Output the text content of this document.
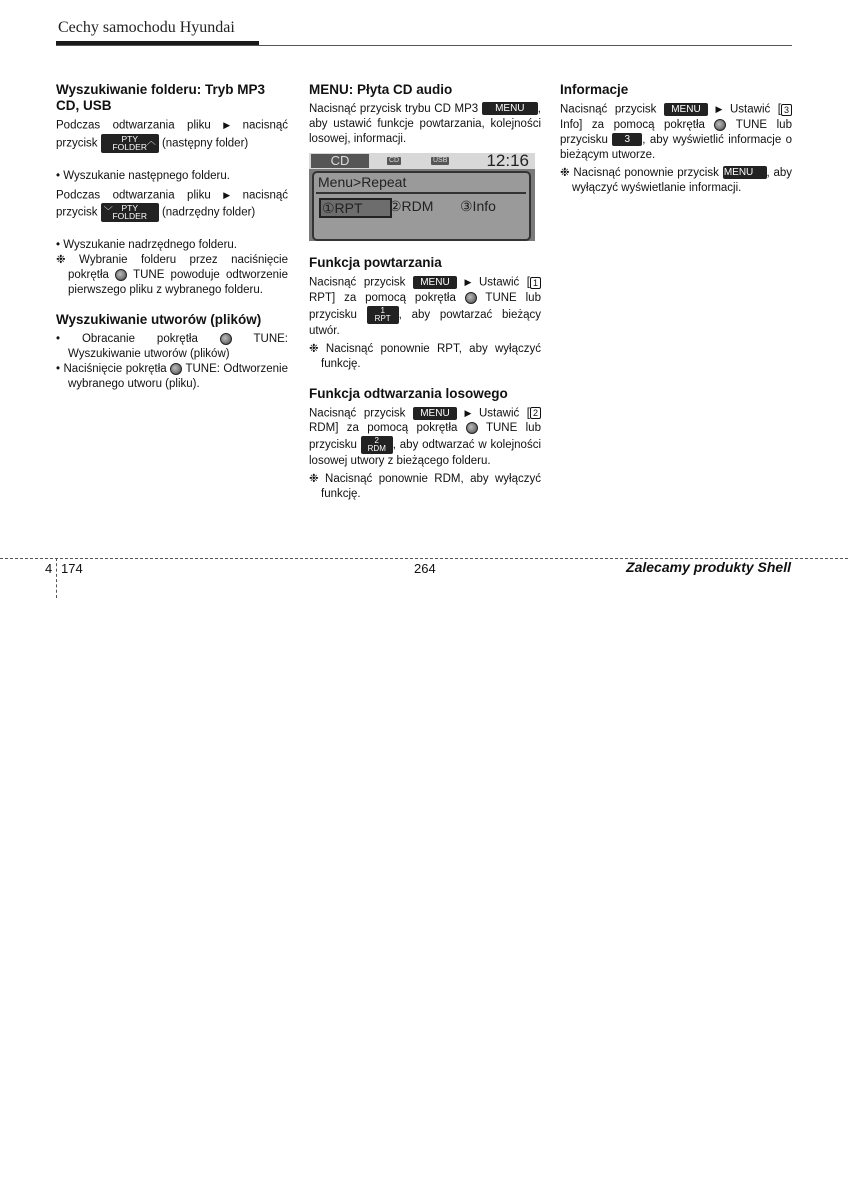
Cechy samochodu Hyundai
Wyszukiwanie folderu: Tryb MP3 CD, USB

Podczas odtwarzania pliku ▶ nacisnąć przycisk	PTY
FOLDER
︿ (następny folder)

• Wyszukanie następnego folderu.

Podczas odtwarzania pliku ▶ nacisnąć przycisk ﹀ PTY
FOLDER (nadrzędny folder)

• Wyszukanie nadrzędnego folderu.

❉ Wybranie folderu przez naciśnięcie pokrętła TUNE powoduje odtworzenie pierwszego pliku z wybranego folderu.

Wyszukiwanie utworów (plików)
• Obracanie pokrętła	TUNE: Wyszukiwanie utworów (plików)
• Naciśnięcie pokrętła TUNE: Odtworzenie wybranego utworu (pliku).
MENU: Płyta CD audio

Nacisnąć przycisk trybu CD MP3 MENU , aby ustawić funkcje powtarzania, kolejności losowej, informacji.

CD	CD	USB 12:16
Menu>Repeat
①RPT	②RDM ③Info
Funkcja powtarzania

Nacisnąć przycisk MENU ▶ Ustawić [ 1RPT] za pomocą pokrętła	TUNE lub przycisku	1
RPT , aby powtarzać bieżący utwór.

❉ Nacisnąć ponownie RPT, aby wyłączyć funkcję.

Funkcja odtwarzania losowego

Nacisnąć przycisk MENU ▶ Ustawić [ 2RDM] za pomocą pokrętła TUNE lub przycisku 2
RDM , aby odtwarzać w kolejności losowej utwory z bieżącego folderu.

❉ Nacisnąć ponownie RDM, aby wyłączyć funkcję.

Informacje

Nacisnąć przycisk MENU ▶ Ustawić [ 3Info] za pomocą pokrętła	TUNE lub przycisku 3 , aby wyświetlić informacje o bieżącym utworze.

❉ Nacisnąć ponownie przycisk MENU , aby wyłączyć wyświetlanie informacji.

4 174	264	Zalecamy produkty Shell
